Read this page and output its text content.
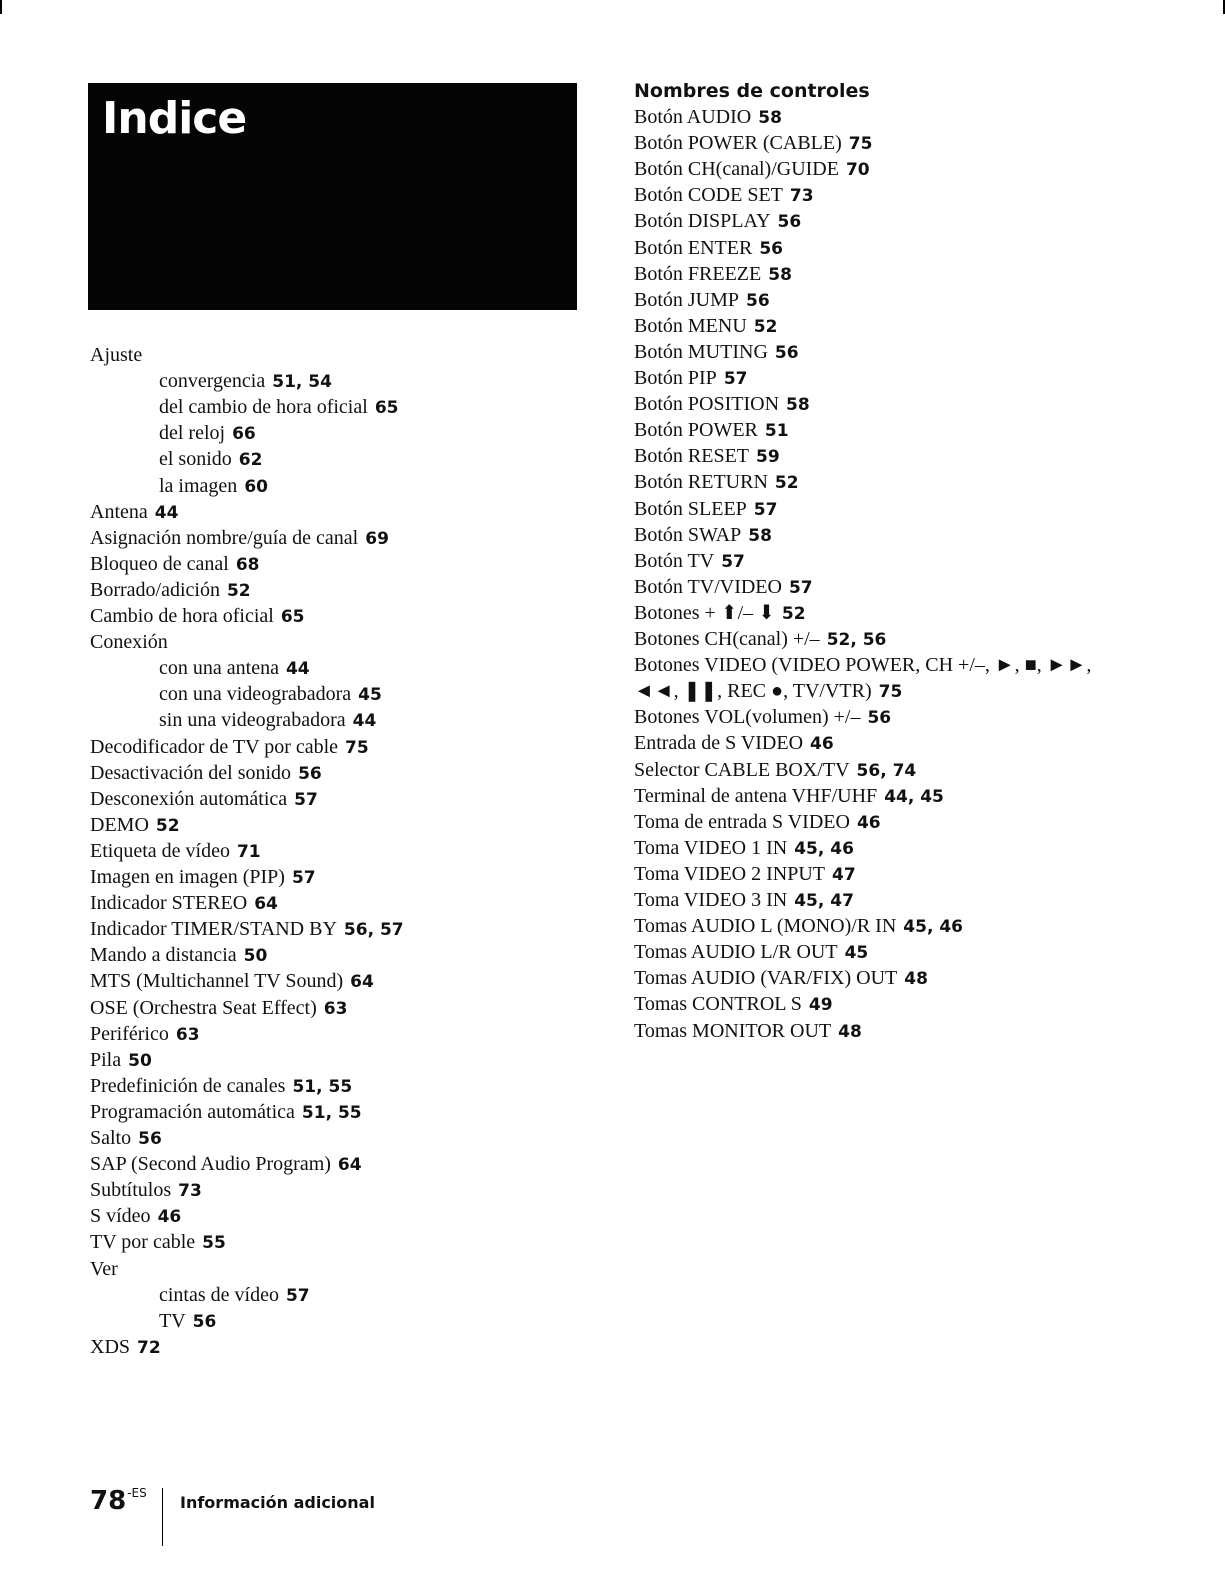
Indice
Ajuste
convergencia 51, 54
del cambio de hora oficial 65
del reloj 66
el sonido 62
la imagen 60
Antena 44
Asignación nombre/guía de canal 69
Bloqueo de canal 68
Borrado/adición 52
Cambio de hora oficial 65
Conexión
con una antena 44
con una videograbadora 45
sin una videograbadora 44
Decodificador de TV por cable 75
Desactivación del sonido 56
Desconexión automática 57
DEMO 52
Etiqueta de vídeo 71
Imagen en imagen (PIP) 57
Indicador STEREO 64
Indicador TIMER/STAND BY 56, 57
Mando a distancia 50
MTS (Multichannel TV Sound) 64
OSE (Orchestra Seat Effect) 63
Periférico 63
Pila 50
Predefinición de canales 51, 55
Programación automática 51, 55
Salto 56
SAP (Second Audio Program) 64
Subtítulos 73
S vídeo 46
TV por cable 55
Ver
cintas de vídeo 57
TV 56
XDS 72
Nombres de controles
Botón AUDIO 58
Botón POWER (CABLE) 75
Botón CH(canal)/GUIDE 70
Botón CODE SET 73
Botón DISPLAY 56
Botón ENTER 56
Botón FREEZE 58
Botón JUMP 56
Botón MENU 52
Botón MUTING 56
Botón PIP 57
Botón POSITION 58
Botón POWER 51
Botón RESET 59
Botón RETURN 52
Botón SLEEP 57
Botón SWAP 58
Botón TV 57
Botón TV/VIDEO 57
Botones + ⬆/– ⬇ 52
Botones CH(canal) +/– 52, 56
Botones VIDEO (VIDEO POWER, CH +/–, ►, ■, ►►,
◄◄, ❚❚, REC ●, TV/VTR) 75
Botones VOL(volumen) +/– 56
Entrada de S VIDEO 46
Selector CABLE BOX/TV 56, 74
Terminal de antena VHF/UHF 44, 45
Toma de entrada S VIDEO 46
Toma VIDEO 1 IN 45, 46
Toma VIDEO 2 INPUT 47
Toma VIDEO 3 IN 45, 47
Tomas AUDIO L (MONO)/R IN 45, 46
Tomas AUDIO L/R OUT 45
Tomas AUDIO (VAR/FIX) OUT 48
Tomas CONTROL S 49
Tomas MONITOR OUT 48
$78^{-ES}$ Información adicional
